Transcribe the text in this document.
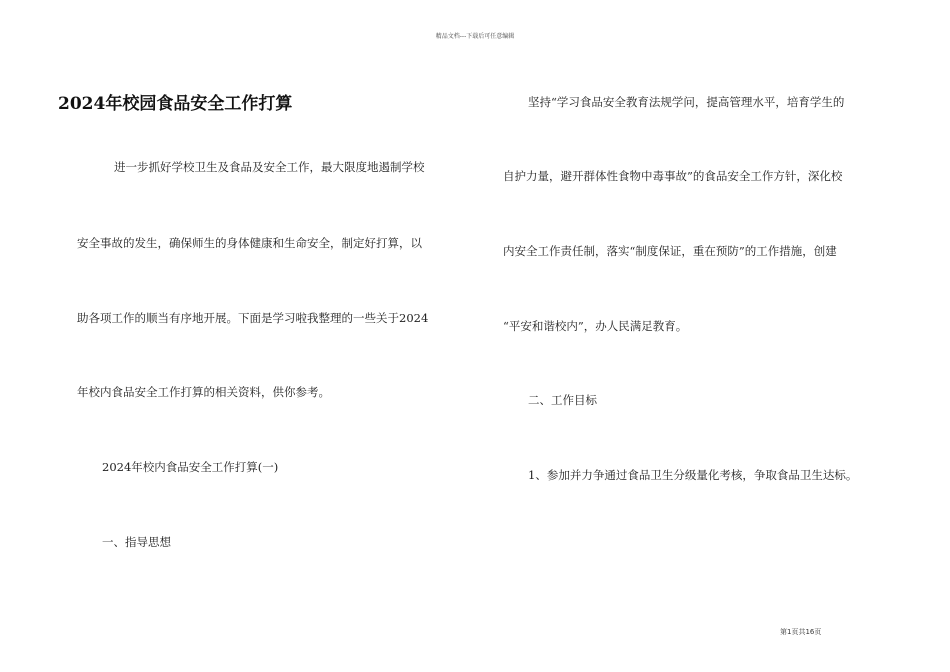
精品文档---下载后可任意编辑
2024年校园食品安全工作打算
进一步抓好学校卫生及食品及安全工作，最大限度地遏制学校
安全事故的发生，确保师生的身体健康和生命安全，制定好打算，以
助各项工作的顺当有序地开展。下面是学习啦我整理的一些关于2024
年校内食品安全工作打算的相关资料，供你参考。
2024年校内食品安全工作打算(一)
一、指导思想
坚持“学习食品安全教育法规学问，提高管理水平，培育学生的
自护力量，避开群体性食物中毒事故”的食品安全工作方针，深化校
内安全工作责任制，落实“制度保证，重在预防”的工作措施，创建
“平安和谐校内”，办人民满足教育。
二、工作目标
1、参加并力争通过食品卫生分级量化考核，争取食品卫生达标。
第1页共16页
